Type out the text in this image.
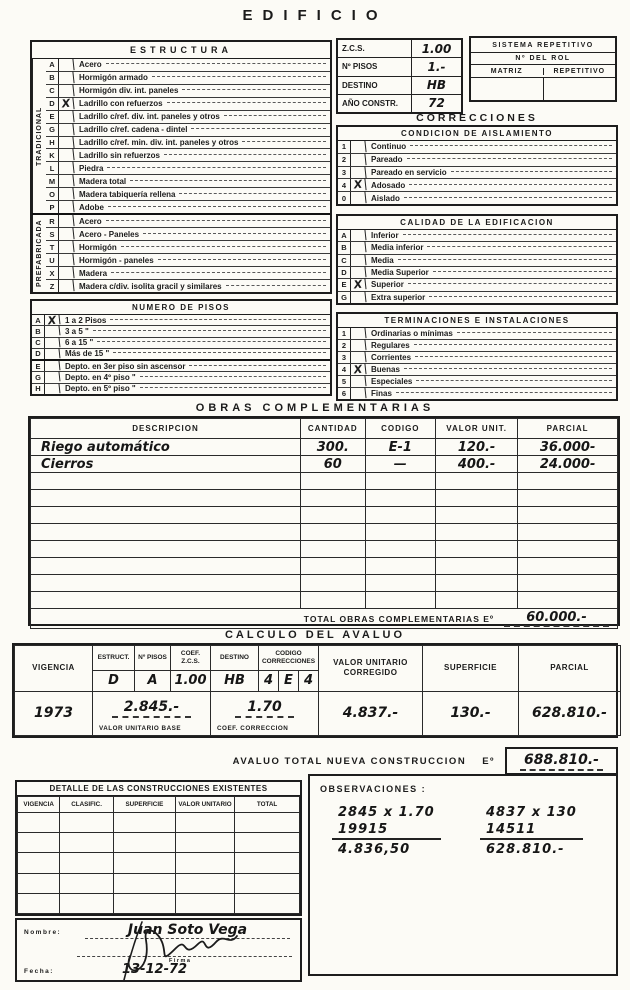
EDIFICIO
ESTRUCTURA
TRADICIONAL
A	Acero
B	Hormigón armado
C	Hormigón div. int. paneles
D X	Ladrillo con refuerzos
E	Ladrillo c/ref. div. int. paneles y otros
G	Ladrillo c/ref. cadena - dintel
H	Ladrillo c/ref. min. div. int. paneles y otros
K	Ladrillo sin refuerzos
L	Piedra
M	Madera total
O	Madera tabiquería rellena
P	Adobe
PREFABRICADA R	Acero
S	Acero - Paneles
T	Hormigón
U	Hormigón - paneles
X	Madera
Z	Madera c/div. isolita gracil y similares
NUMERO DE PISOS
A X	1 a 2 Pisos
B	3 a 5 "
C	6 a 15 "
D	Más de 15 "
E	Depto. en 3er piso sin ascensor
G	Depto. en 4º piso "
H	Depto. en 5º piso "
Z.C.S.	1.00
Nº PISOS	1.-
DESTINO	HB
AÑO CONSTR.	72
SISTEMA REPETITIVO
Nº DEL ROL
MATRIZ	REPETITIVO
CORRECCIONES
CONDICION DE AISLAMIENTO
1	Continuo
2	Pareado
3	Pareado en servicio
4 X	Adosado
0	Aislado
CALIDAD DE LA EDIFICACION
A	Inferior
B	Media inferior
C	Media
D	Media Superior
E X	Superior
G	Extra superior
TERMINACIONES E INSTALACIONES
1	Ordinarias o mínimas
2	Regulares
3	Corrientes
4 X	Buenas
5	Especiales
6	Finas
OBRAS COMPLEMENTARIAS
DESCRIPCION	CANTIDAD	CODIGO	VALOR UNIT.	PARCIAL
Riego automático	300.	E-1	120.-	36.000-
Cierros	60	—	400.-	24.000-

TOTAL OBRAS COMPLEMENTARIAS Eº 60.000.-				
CALCULO DEL AVALUO
VIGENCIA	ESTRUCT.	Nº PISOS	COEF. Z.C.S.	DESTINO	CODIGO CORRECCIONES	VALOR UNITARIO CORREGIDO	SUPERFICIE	PARCIAL
	D	A	1.00	HB	4 E 4			

1973	2.845.-			1.70		4.837.-	130.-	628.810.-
	VALOR UNITARIO BASE			COEF. CORRECCION				
AVALUO TOTAL NUEVA CONSTRUCCION Eº 688.810.-
DETALLE DE LAS CONSTRUCCIONES EXISTENTES
VIGENCIA	CLASIFIC.	SUPERFICIE	VALOR UNITARIO	TOTAL

OBSERVACIONES :
2845 x 1.70
19915
4.836,50
4837 x 130
14511
628.810.-
Nombre:	Juan Soto Vega
Firma
Fecha:	13-12-72
